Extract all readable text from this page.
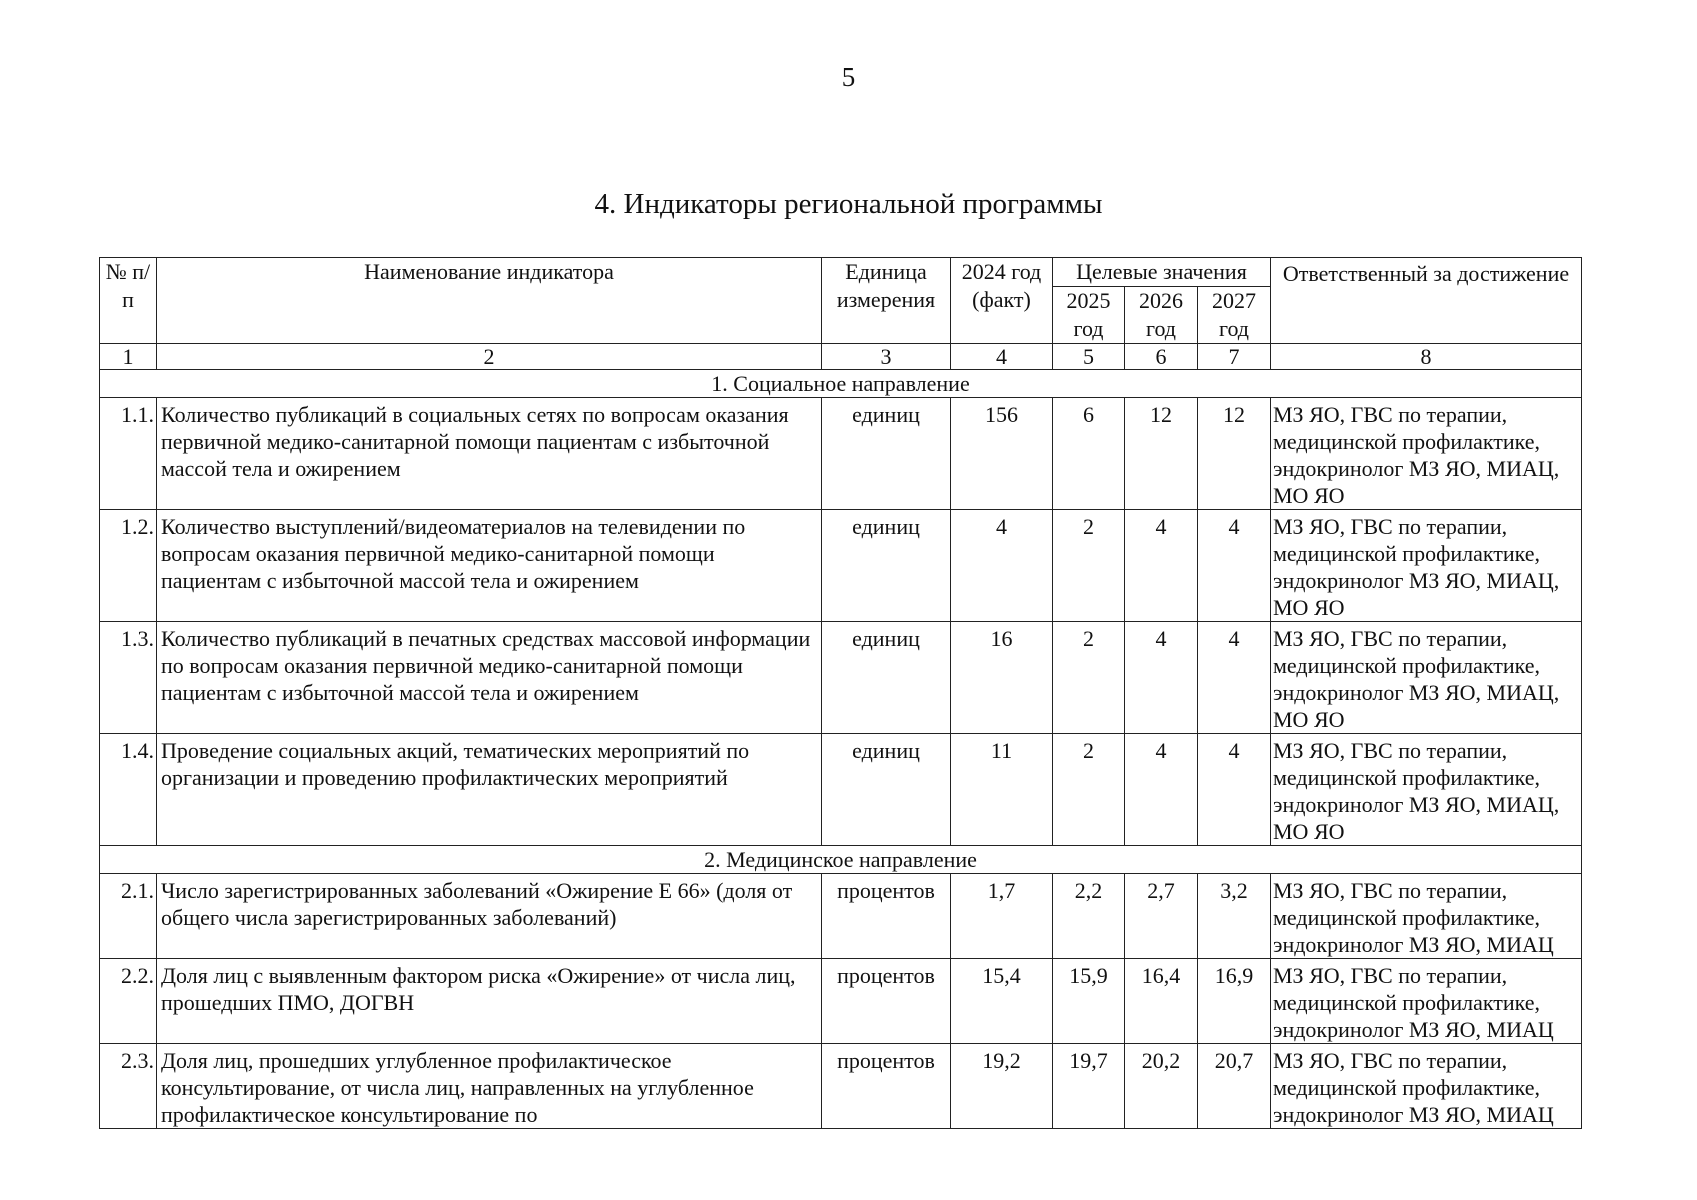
5
4. Индикаторы региональной программы
№ п/п	Наименование индикатора	Единица измерения	2024 год (факт)	Целевые значения			Ответственный за достижение
				2025 год	2026 год	2027 год	
1	2	3	4	5	6	7	8
1. Социальное направление							
1.1.	Количество публикаций в социальных сетях по вопросам оказания первичной медико-санитарной помощи пациентам с избыточной массой тела и ожирением	единиц	156	6	12	12	МЗ ЯО, ГВС по терапии, медицинской профилактике, эндокринолог МЗ ЯО, МИАЦ, МО ЯО
1.2.	Количество выступлений/видеоматериалов на телевидении по вопросам оказания первичной медико-санитарной помощи пациентам с избыточной массой тела и ожирением	единиц	4	2	4	4	МЗ ЯО, ГВС по терапии, медицинской профилактике, эндокринолог МЗ ЯО, МИАЦ, МО ЯО
1.3.	Количество публикаций в печатных средствах массовой информации по вопросам оказания первичной медико-санитарной помощи пациентам с избыточной массой тела и ожирением	единиц	16	2	4	4	МЗ ЯО, ГВС по терапии, медицинской профилактике, эндокринолог МЗ ЯО, МИАЦ, МО ЯО
1.4.	Проведение социальных акций, тематических мероприятий по организации и проведению профилактических мероприятий	единиц	11	2	4	4	МЗ ЯО, ГВС по терапии, медицинской профилактике, эндокринолог МЗ ЯО, МИАЦ, МО ЯО
2. Медицинское направление							
2.1.	Число зарегистрированных заболеваний «Ожирение E 66» (доля от общего числа зарегистрированных заболеваний)	процентов	1,7	2,2	2,7	3,2	МЗ ЯО, ГВС по терапии, медицинской профилактике, эндокринолог МЗ ЯО, МИАЦ
2.2.	Доля лиц с выявленным фактором риска «Ожирение» от числа лиц, прошедших ПМО, ДОГВН	процентов	15,4	15,9	16,4	16,9	МЗ ЯО, ГВС по терапии, медицинской профилактике, эндокринолог МЗ ЯО, МИАЦ
2.3.	Доля лиц, прошедших углубленное профилактическое консультирование, от числа лиц, направленных на углубленное профилактическое консультирование по	процентов	19,2	19,7	20,2	20,7	МЗ ЯО, ГВС по терапии, медицинской профилактике, эндокринолог МЗ ЯО, МИАЦ
